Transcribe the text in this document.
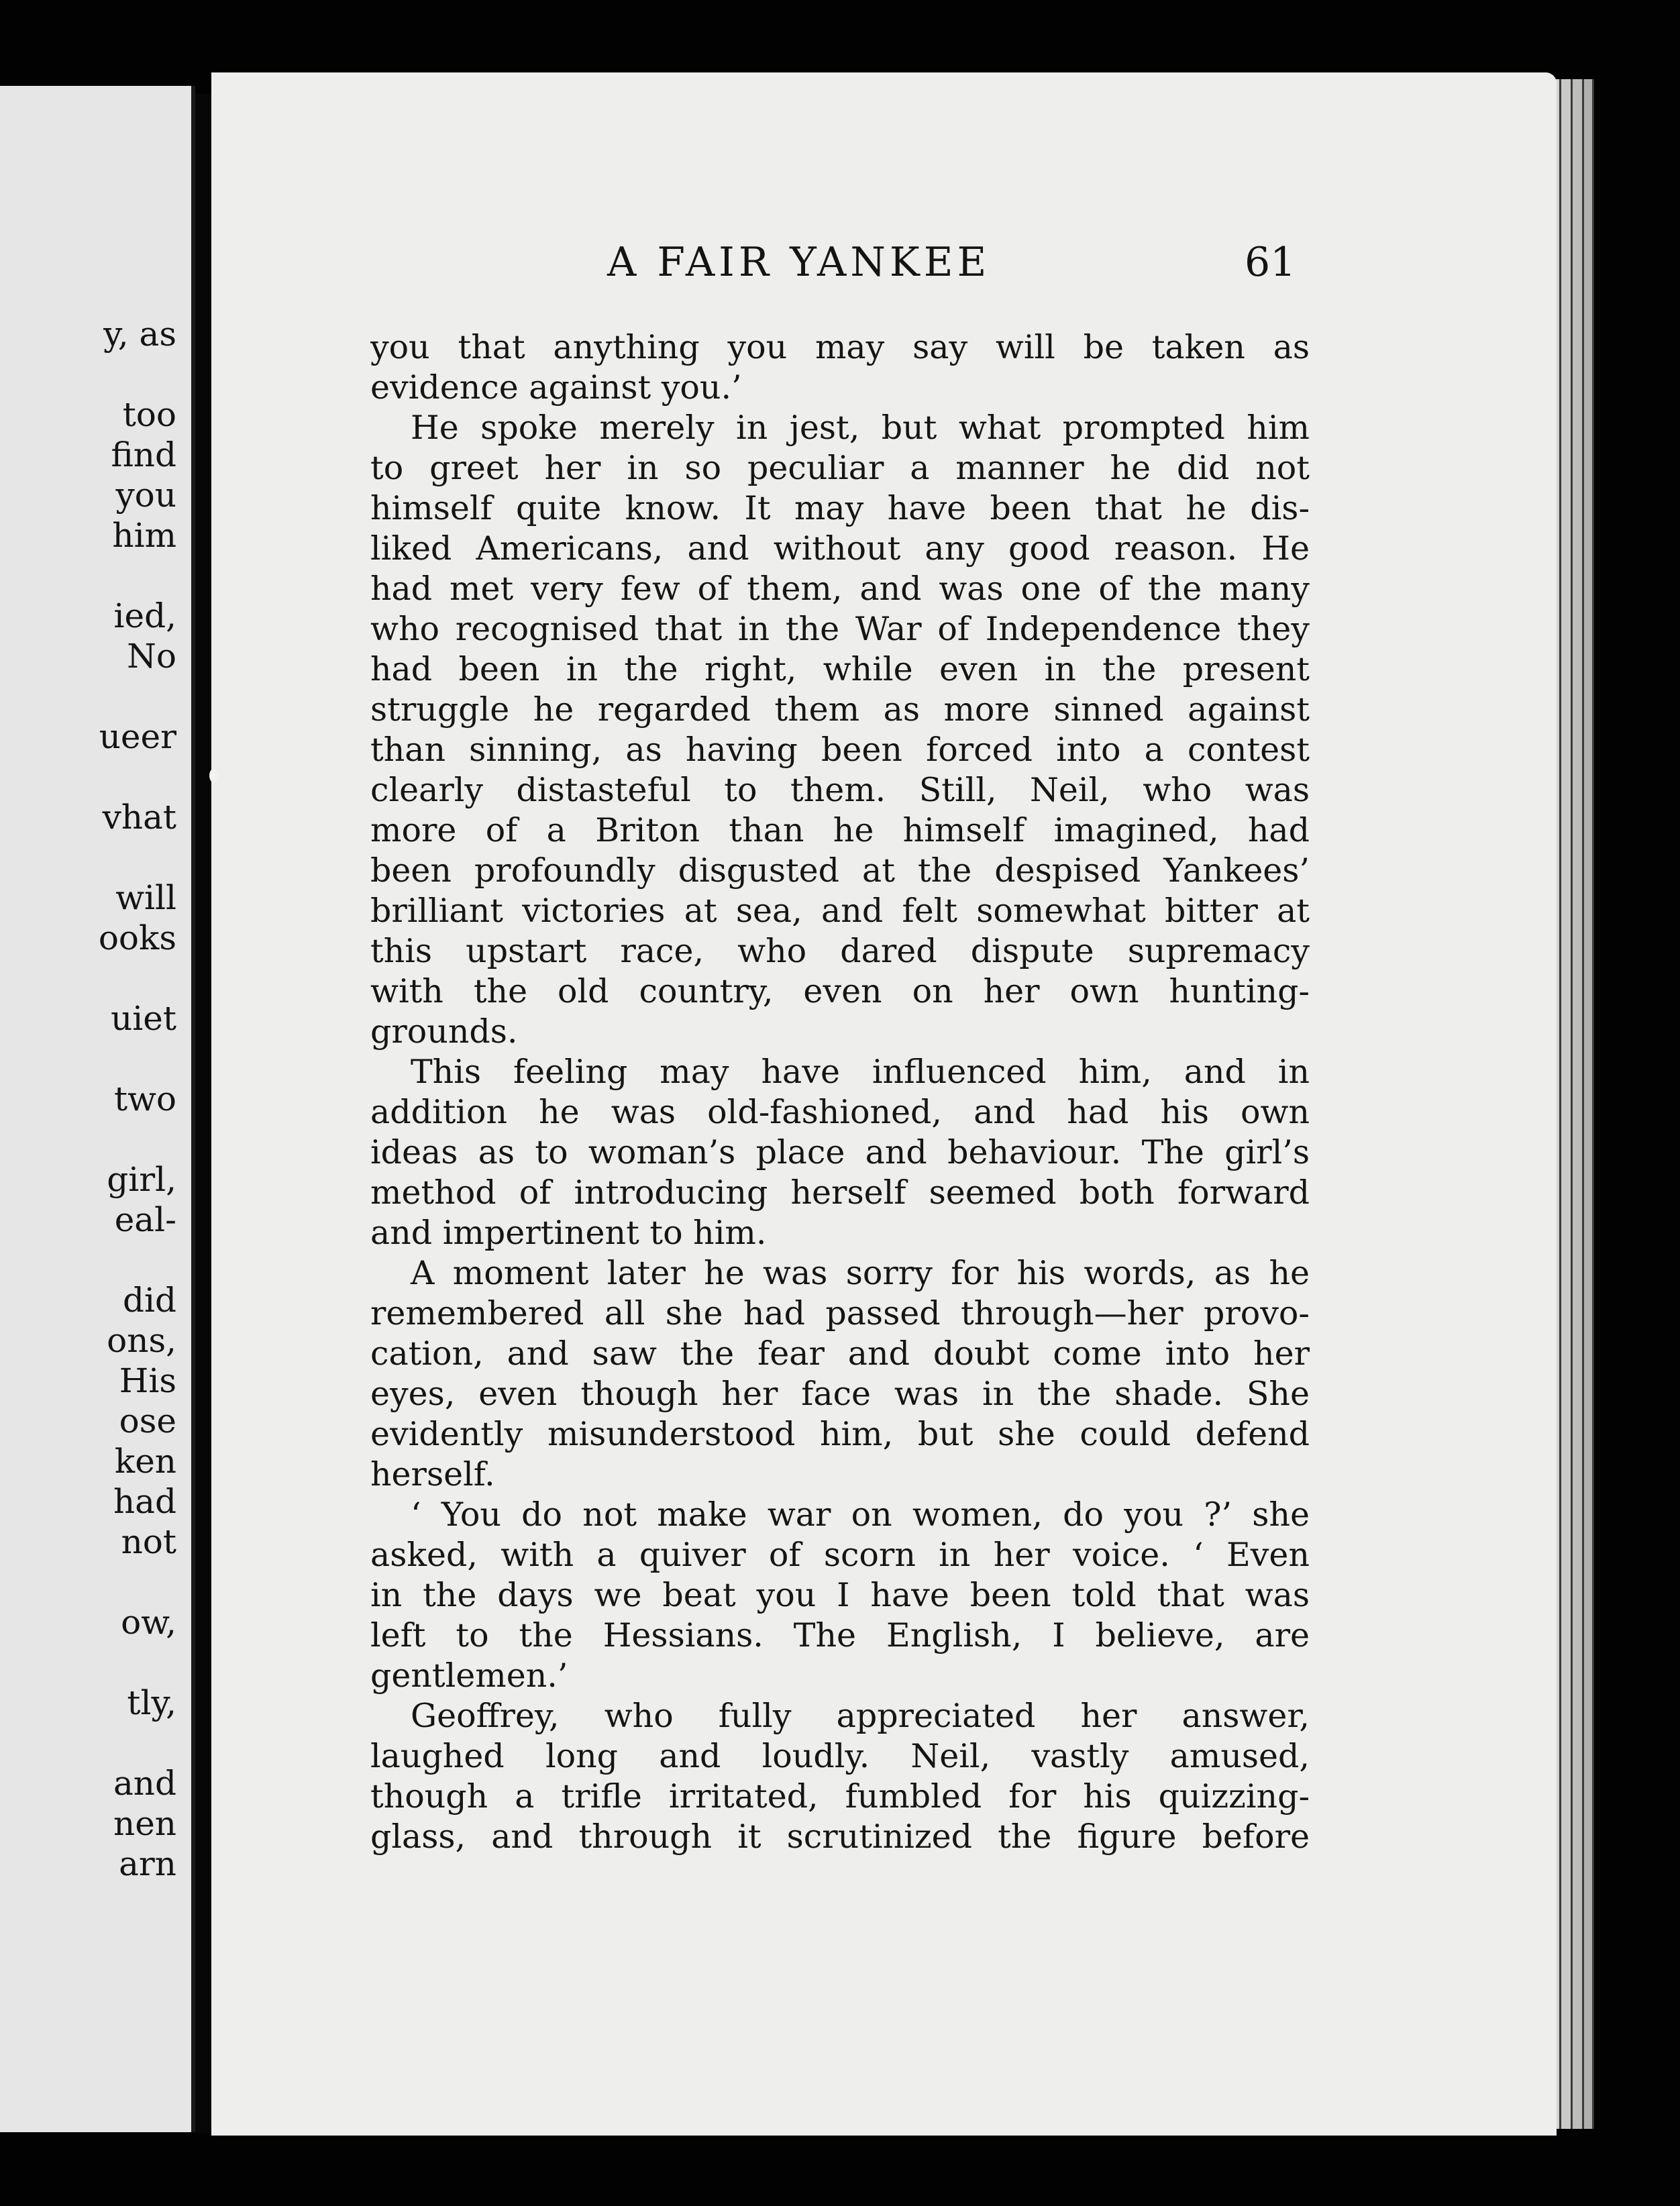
y, as
too
find
you
him
ied,
No
ueer
vhat
will
ooks
uiet
two
girl,
eal-
did
ons,
His
ose
ken
had
not
ow,
tly,
and
nen
arn
A FAIR YANKEE	61
you that anything you may say will be taken as
evidence against you.’
He spoke merely in jest, but what prompted him
to greet her in so peculiar a manner he did not
himself quite know. It may have been that he dis-
liked Americans, and without any good reason. He
had met very few of them, and was one of the many
who recognised that in the War of Independence they
had been in the right, while even in the present
struggle he regarded them as more sinned against
than sinning, as having been forced into a contest
clearly distasteful to them. Still, Neil, who was
more of a Briton than he himself imagined, had
been profoundly disgusted at the despised Yankees’
brilliant victories at sea, and felt somewhat bitter at
this upstart race, who dared dispute supremacy
with the old country, even on her own hunting-
grounds.
This feeling may have influenced him, and in
addition he was old-fashioned, and had his own
ideas as to woman’s place and behaviour. The girl’s
method of introducing herself seemed both forward
and impertinent to him.
A moment later he was sorry for his words, as he
remembered all she had passed through—her provo-
cation, and saw the fear and doubt come into her
eyes, even though her face was in the shade. She
evidently misunderstood him, but she could defend
herself.
‘ You do not make war on women, do you ?’ she
asked, with a quiver of scorn in her voice. ‘ Even
in the days we beat you I have been told that was
left to the Hessians. The English, I believe, are
gentlemen.’
Geoffrey, who fully appreciated her answer,
laughed long and loudly. Neil, vastly amused,
though a trifle irritated, fumbled for his quizzing-
glass, and through it scrutinized the figure before
